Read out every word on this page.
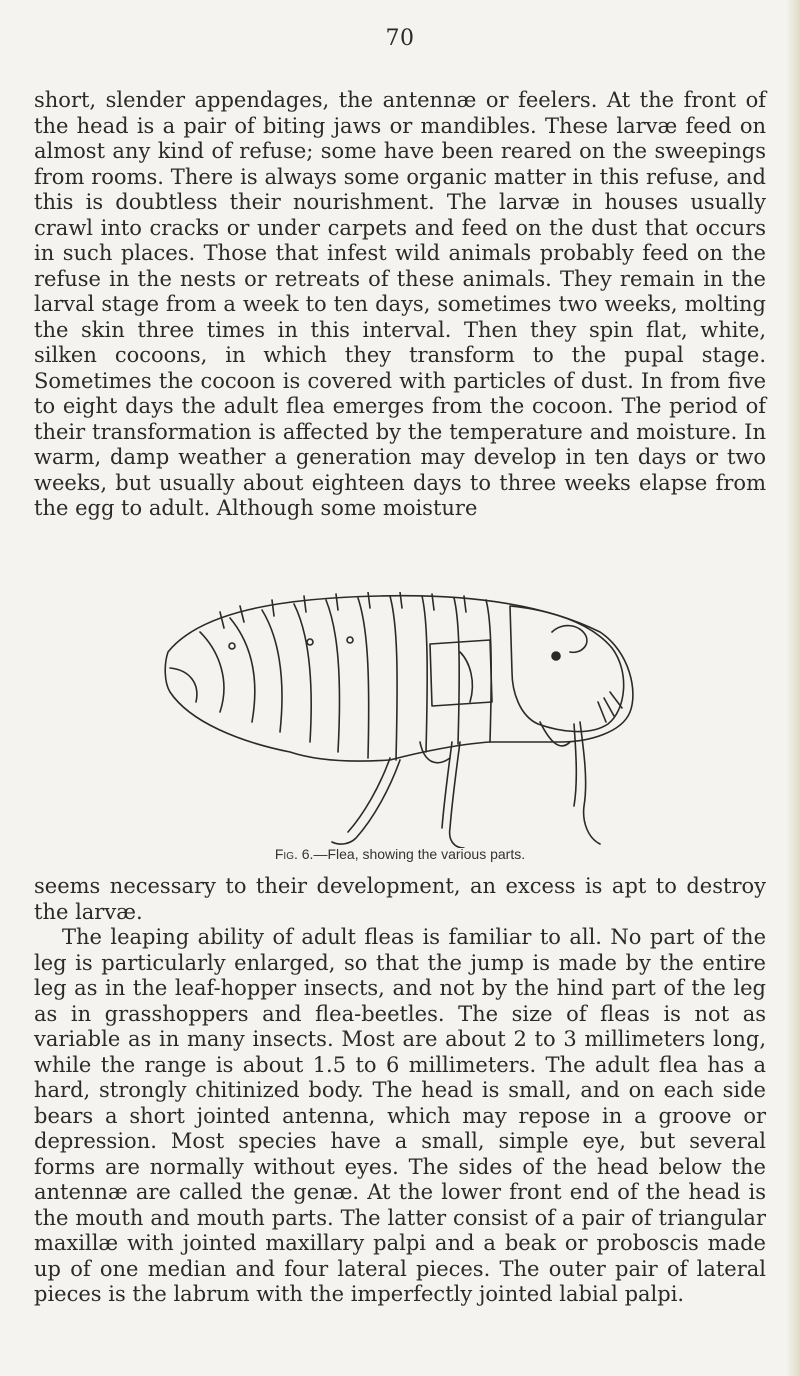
70

short, slender appendages, the antennæ or feelers. At the front of the head is a pair of biting jaws or mandibles. These larvæ feed on almost any kind of refuse; some have been reared on the sweepings from rooms. There is always some organic matter in this refuse, and this is doubtless their nourishment. The larvæ in houses usually crawl into cracks or under carpets and feed on the dust that occurs in such places. Those that infest wild animals probably feed on the refuse in the nests or retreats of these animals. They remain in the larval stage from a week to ten days, sometimes two weeks, molting the skin three times in this interval. Then they spin flat, white, silken cocoons, in which they transform to the pupal stage. Sometimes the cocoon is covered with particles of dust. In from five to eight days the adult flea emerges from the cocoon. The period of their transformation is affected by the temperature and moisture. In warm, damp weather a generation may develop in ten days or two weeks, but usually about eighteen days to three weeks elapse from the egg to adult. Although some moisture

Fig. 6.—Flea, showing the various parts.

seems necessary to their development, an excess is apt to destroy the larvæ.

The leaping ability of adult fleas is familiar to all. No part of the leg is particularly enlarged, so that the jump is made by the entire leg as in the leaf-hopper insects, and not by the hind part of the leg as in grasshoppers and flea-beetles. The size of fleas is not as variable as in many insects. Most are about 2 to 3 millimeters long, while the range is about 1.5 to 6 millimeters. The adult flea has a hard, strongly chitinized body. The head is small, and on each side bears a short jointed antenna, which may repose in a groove or depression. Most species have a small, simple eye, but several forms are normally without eyes. The sides of the head below the antennæ are called the genæ. At the lower front end of the head is the mouth and mouth parts. The latter consist of a pair of triangular maxillæ with jointed maxillary palpi and a beak or proboscis made up of one median and four lateral pieces. The outer pair of lateral pieces is the labrum with the imperfectly jointed labial palpi.
